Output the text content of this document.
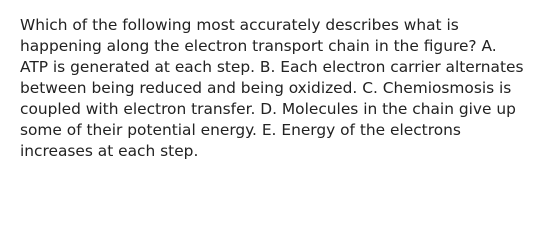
Which of the following most accurately describes what is
happening along the electron transport chain in the figure? A.
ATP is generated at each step. B. Each electron carrier alternates
between being reduced and being oxidized. C. Chemiosmosis is
coupled with electron transfer. D. Molecules in the chain give up
some of their potential energy. E. Energy of the electrons
increases at each step.
